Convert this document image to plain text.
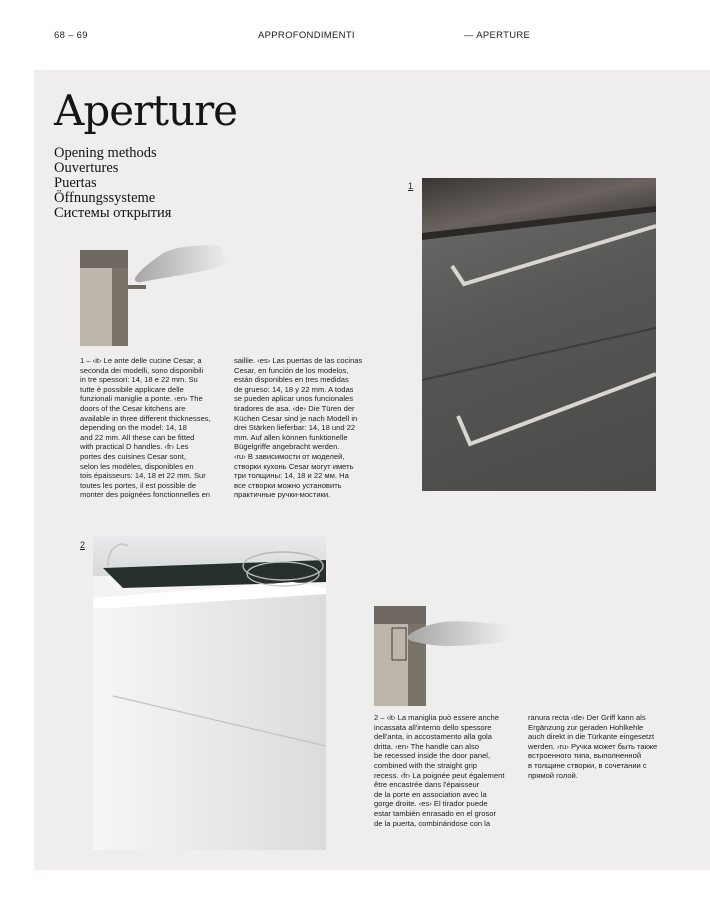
68 – 69	APPROFONDIMENTI	— APERTURE
Aperture
Opening methods
Ouvertures
Puertas
Öffnungssysteme
Системы открытия

1 – ‹it› Le ante delle cucine Cesar, a

seconda dei modelli, sono disponibili

in tre spessori: 14, 18 e 22 mm. Su

tutte è possibile applicare delle

funzionali maniglie a ponte. ‹en› The

doors of the Cesar kitchens are

available in three different thicknesses,

depending on the model: 14, 18

and 22 mm. All these can be fitted

with practical D handles. ‹fr› Les

portes des cuisines Cesar sont,

selon les modèles, disponibles en

tois épaisseurs: 14, 18 et 22 mm. Sur

toutes les portes, il est possible de

monter des poignées fonctionnelles en

saillie. ‹es› Las puertas de las cocinas

Cesar, en función de los modelos,

están disponibles en tres medidas

de grueso: 14, 18 y 22 mm. A todas

se pueden aplicar unos funcionales

tiradores de asa. ‹de› Die Türen der

Küchen Cesar sind je nach Modell in

drei Stärken lieferbar: 14, 18 und 22

mm. Auf allen können funktionelle

Bügelgriffe angebracht werden.

‹ru› В зависимости от моделей,

створки кухонь Cesar могут иметь

три толщины: 14, 18 и 22 мм. На

все створки можно установить

практичные ручки-мостики.

1
2

2 – ‹it› La maniglia può essere anche

incassata all'interno dello spessore

dell'anta, in accostamento alla gola

dritta. ‹en› The handle can also

be recessed inside the door panel,

combined with the straight grip

recess. ‹fr› La poignée peut également

être encastrée dans l'épaisseur

de la porte en association avec la

gorge droite. ‹es› El tirador puede

estar también enrasado en el grosor

de la puerta, combinándose con la

ranura recta ‹de› Der Griff kann als

Ergänzung zur geraden Hohlkehle

auch direkt in die Türkante eingesetzt

werden. ‹ru› Ручка может быть также

встроенного типа, выполненной

в толщине створки, в сочетании с

прямой голой.
